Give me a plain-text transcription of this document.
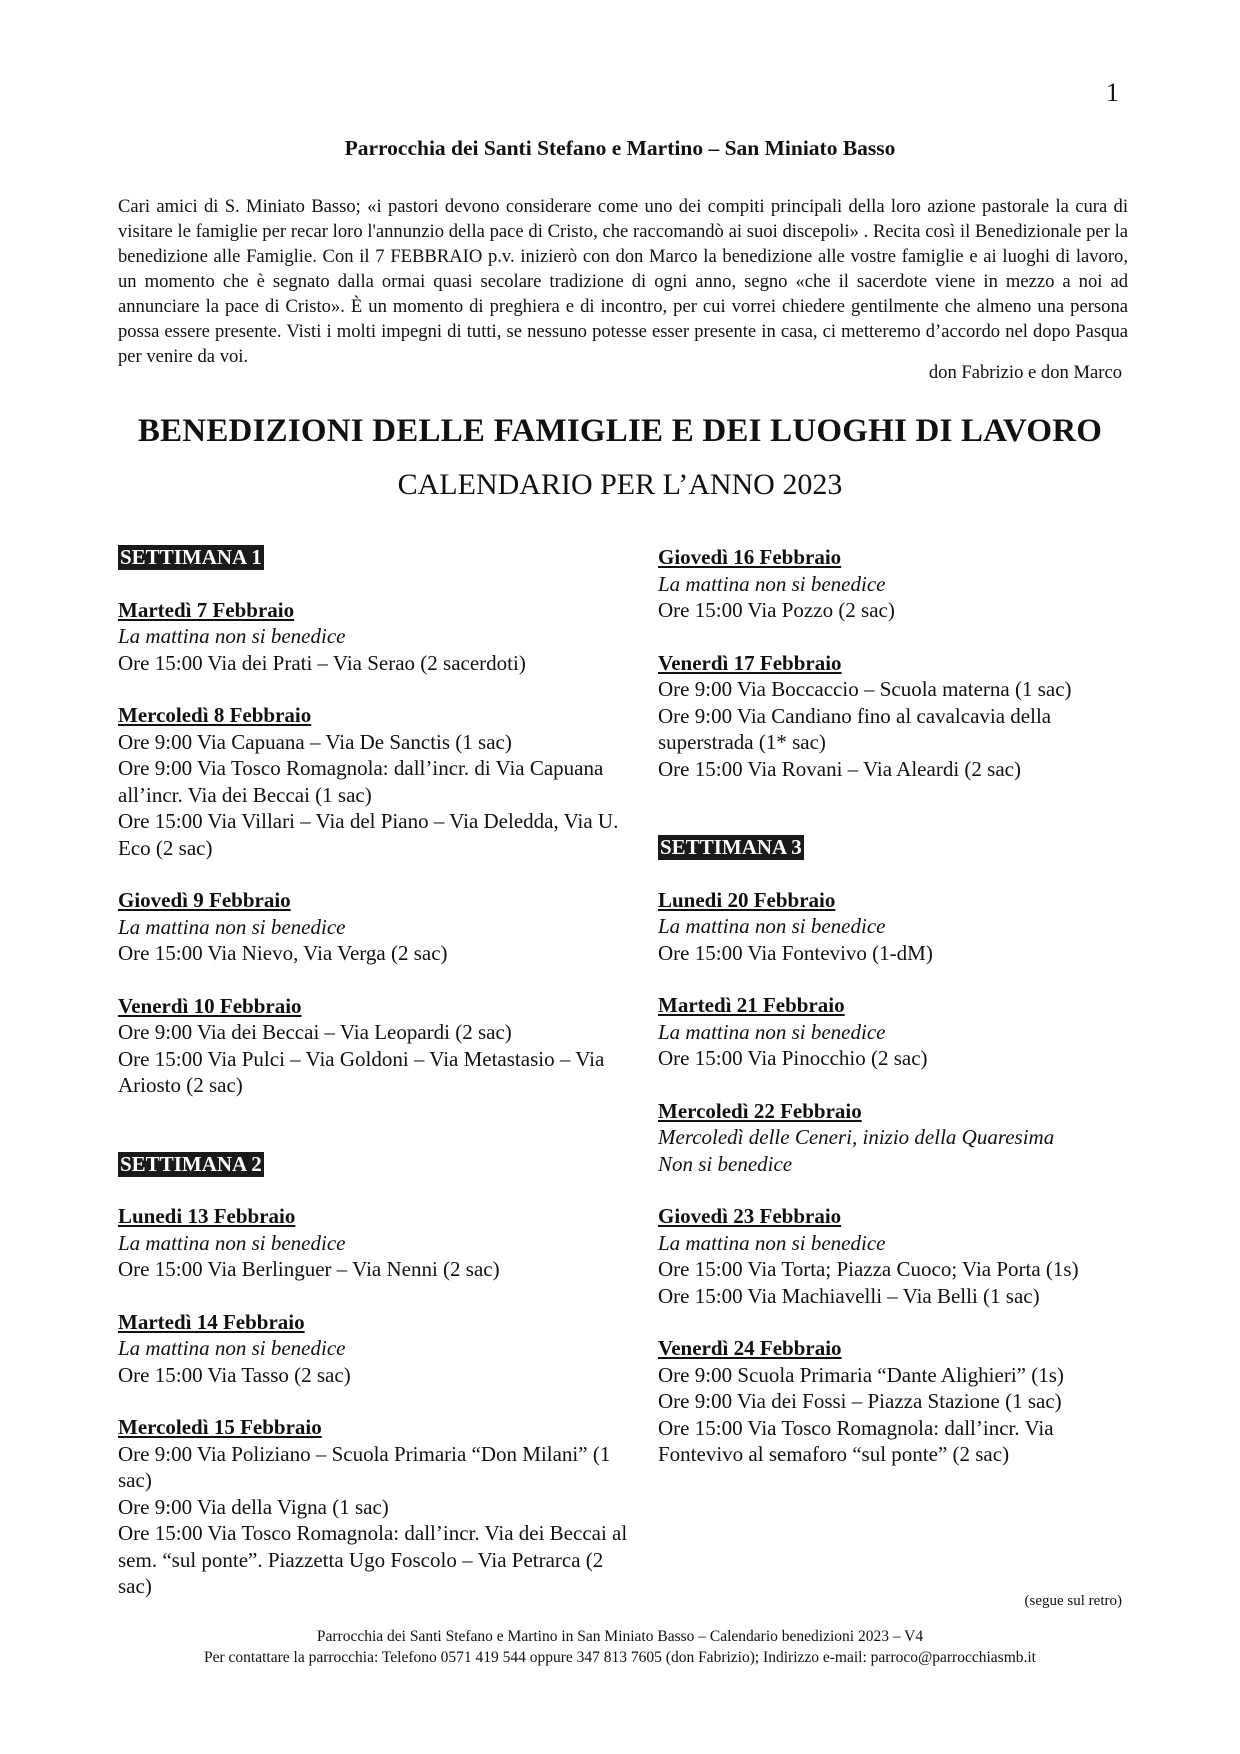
1
Parrocchia dei Santi Stefano e Martino – San Miniato Basso
Cari amici di S. Miniato Basso; «i pastori devono considerare come uno dei compiti principali della loro azione pastorale la cura di visitare le famiglie per recar loro l'annunzio della pace di Cristo, che raccomandò ai suoi discepoli» . Recita così il Benedizionale per la benedizione alle Famiglie. Con il 7 FEBBRAIO p.v. inizierò con don Marco la benedizione alle vostre famiglie e ai luoghi di lavoro, un momento che è segnato dalla ormai quasi secolare tradizione di ogni anno, segno «che il sacerdote viene in mezzo a noi ad annunciare la pace di Cristo». È un momento di preghiera e di incontro, per cui vorrei chiedere gentilmente che almeno una persona possa essere presente. Visti i molti impegni di tutti, se nessuno potesse esser presente in casa, ci metteremo d’accordo nel dopo Pasqua per venire da voi.
don Fabrizio e don Marco
BENEDIZIONI DELLE FAMIGLIE E DEI LUOGHI DI LAVORO
CALENDARIO PER L’ANNO 2023
SETTIMANA 1
Martedì 7 Febbraio
La mattina non si benedice
Ore 15:00 Via dei Prati – Via Serao (2 sacerdoti)
Mercoledì 8 Febbraio
Ore 9:00 Via Capuana – Via De Sanctis (1 sac)
Ore 9:00 Via Tosco Romagnola: dall’incr. di Via Capuana all’incr. Via dei Beccai (1 sac)
Ore 15:00 Via Villari – Via del Piano – Via Deledda, Via U. Eco (2 sac)
Giovedì 9 Febbraio
La mattina non si benedice
Ore 15:00 Via Nievo, Via Verga (2 sac)
Venerdì 10 Febbraio
Ore 9:00 Via dei Beccai – Via Leopardi (2 sac)
Ore 15:00 Via Pulci – Via Goldoni – Via Metastasio – Via Ariosto (2 sac)
SETTIMANA 2
Lunedi 13 Febbraio
La mattina non si benedice
Ore 15:00 Via Berlinguer – Via Nenni (2 sac)
Martedì 14 Febbraio
La mattina non si benedice
Ore 15:00 Via Tasso (2 sac)
Mercoledì 15 Febbraio
Ore 9:00 Via Poliziano – Scuola Primaria “Don Milani” (1 sac)
Ore 9:00 Via della Vigna (1 sac)
Ore 15:00 Via Tosco Romagnola: dall’incr. Via dei Beccai al sem. “sul ponte”. Piazzetta Ugo Foscolo – Via Petrarca (2 sac)
Giovedì 16 Febbraio
La mattina non si benedice
Ore 15:00 Via Pozzo (2 sac)
Venerdì 17 Febbraio
Ore 9:00 Via Boccaccio – Scuola materna (1 sac)
Ore 9:00 Via Candiano fino al cavalcavia della superstrada (1* sac)
Ore 15:00 Via Rovani – Via Aleardi (2 sac)
SETTIMANA 3
Lunedi 20 Febbraio
La mattina non si benedice
Ore 15:00 Via Fontevivo (1-dM)
Martedì 21 Febbraio
La mattina non si benedice
Ore 15:00 Via Pinocchio (2 sac)
Mercoledì 22 Febbraio
Mercoledì delle Ceneri, inizio della Quaresima
Non si benedice
Giovedì 23 Febbraio
La mattina non si benedice
Ore 15:00 Via Torta; Piazza Cuoco; Via Porta (1s)
Ore 15:00 Via Machiavelli – Via Belli (1 sac)
Venerdì 24 Febbraio
Ore 9:00 Scuola Primaria “Dante Alighieri” (1s)
Ore 9:00 Via dei Fossi – Piazza Stazione (1 sac)
Ore 15:00 Via Tosco Romagnola: dall’incr. Via Fontevivo al semaforo “sul ponte” (2 sac)
(segue sul retro)
Parrocchia dei Santi Stefano e Martino in San Miniato Basso – Calendario benedizioni 2023 – V4
Per contattare la parrocchia: Telefono 0571 419 544 oppure 347 813 7605 (don Fabrizio); Indirizzo e-mail: parroco@parrocchiasmb.it
